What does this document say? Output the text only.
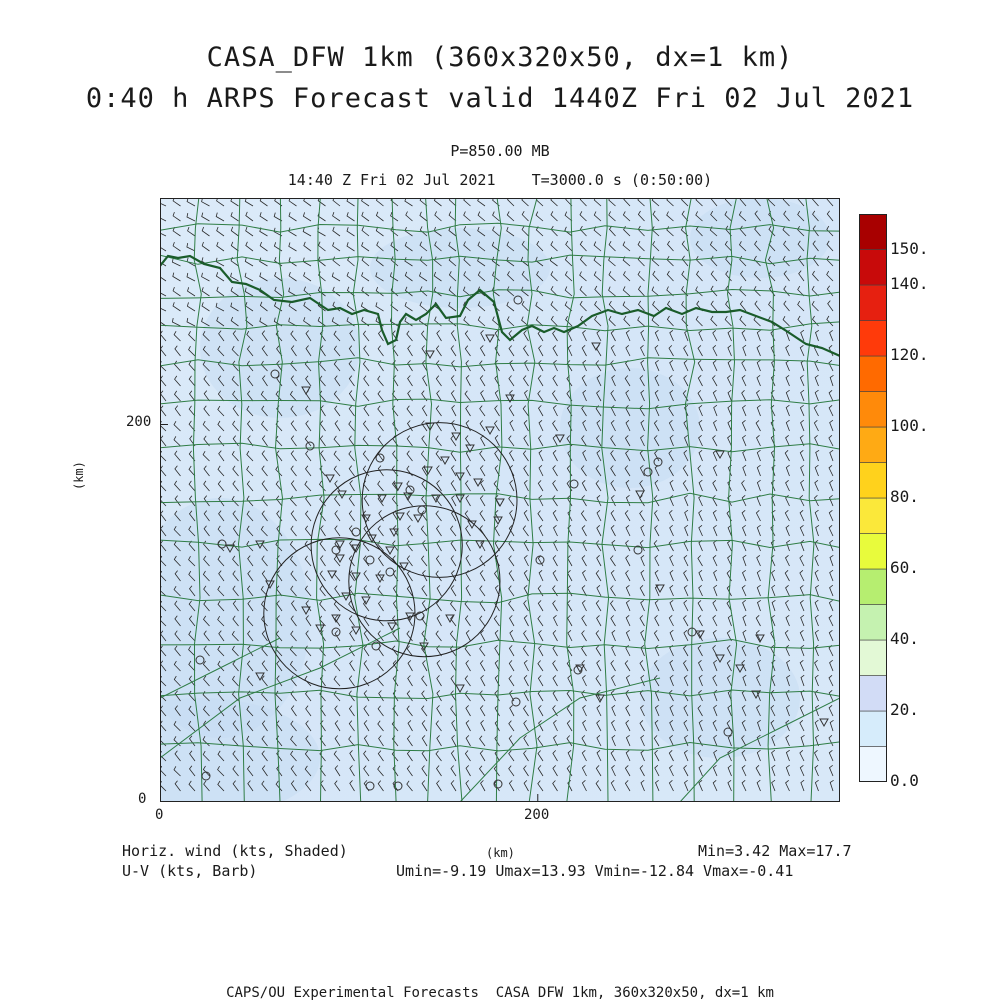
CASA_DFW 1km (360x320x50, dx=1 km)
0:40 h ARPS Forecast valid 1440Z Fri 02 Jul 2021
P=850.00 MB
14:40 Z Fri 02 Jul 2021    T=3000.0 s (0:50:00)
200
0
0	200
(km)
0.0
20.
40.
60.
80.
100.
120.
140.
150.
Horiz. wind (kts, Shaded)
U-V (kts, Barb)
(km)	Min=3.42 Max=17.7
Umin=-9.19 Umax=13.93 Vmin=-12.84 Vmax=-0.41
CAPS/OU Experimental Forecasts  CASA DFW 1km, 360x320x50, dx=1 km
